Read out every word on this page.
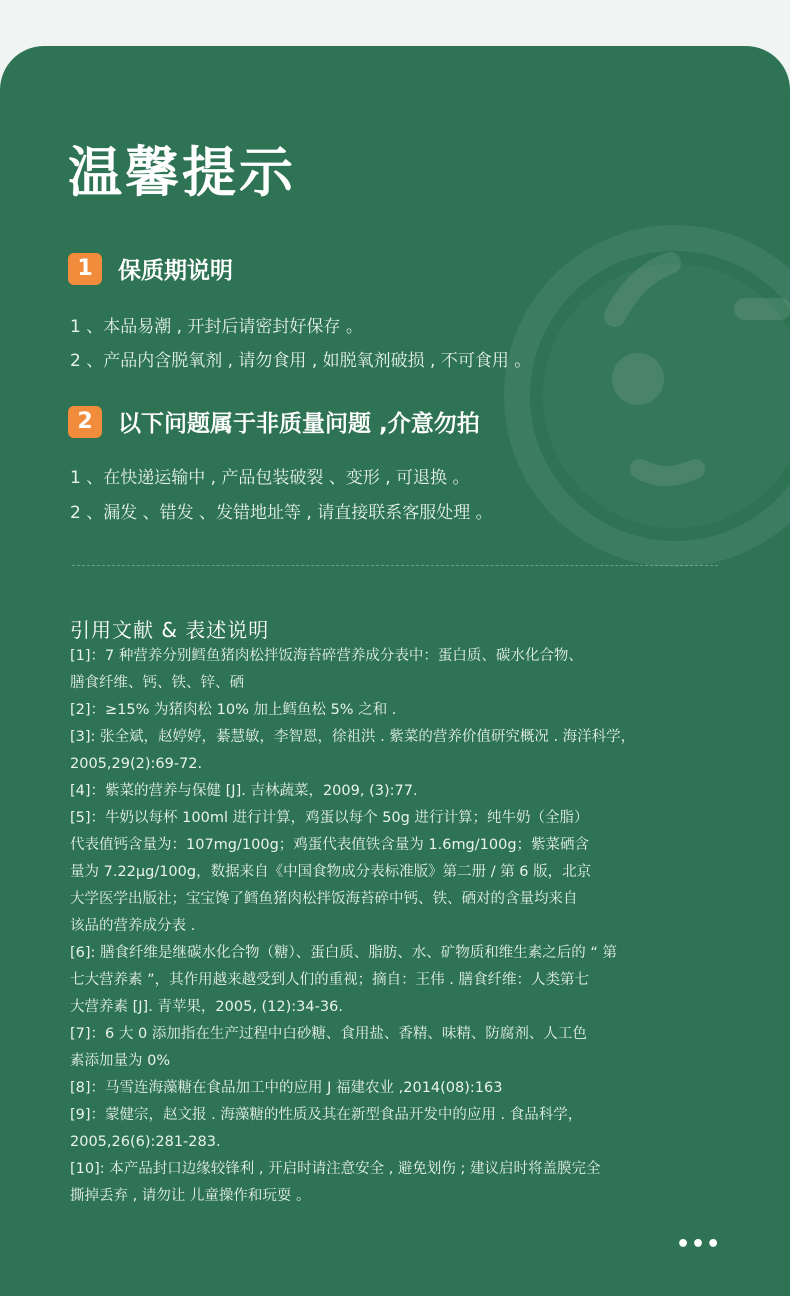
温馨提示
1	保质期说明
1 、本品易潮 , 开封后请密封好保存 。
2 、产品内含脱氧剂 , 请勿食用 , 如脱氧剂破损 , 不可食用 。
2	以下问题属于非质量问题 ,介意勿拍
1 、在快递运输中 , 产品包装破裂 、变形 , 可退换 。
2 、漏发 、错发 、发错地址等 , 请直接联系客服处理 。
引用文献 & 表述说明

[1]：7 种营养分别鳕鱼猪肉松拌饭海苔碎营养成分表中：蛋白质、碳水化合物、

膳食纤维、钙、铁、锌、硒

[2]：≥15% 为猪肉松 10% 加上鳕鱼松 5% 之和 .

[3]: 张全斌，赵婷婷，綦慧敏，李智恩，徐祖洪 . 紫菜的营养价值研究概况 . 海洋科学，

2005,29(2):69-72.

[4]：紫菜的营养与保健 [J]. 吉林蔬菜，2009, (3):77.

[5]：牛奶以每杯 100ml 进行计算，鸡蛋以每个 50g 进行计算；纯牛奶（全脂）

代表值钙含量为：107mg/100g；鸡蛋代表值铁含量为 1.6mg/100g；紫菜硒含

量为 7.22μg/100g，数据来自《中国食物成分表标准版》第二册 / 第 6 版，北京

大学医学出版社；宝宝馋了鳕鱼猪肉松拌饭海苔碎中钙、铁、硒对的含量均来自

该品的营养成分表 .

[6]: 膳食纤维是继碳水化合物（糖）、蛋白质、脂肪、水、矿物质和维生素之后的 “ 第

七大营养素 ”，其作用越来越受到人们的重视；摘自：王伟 . 膳食纤维：人类第七

大营养素 [J]. 青苹果，2005, (12):34-36.

[7]：6 大 0 添加指在生产过程中白砂糖、食用盐、香精、味精、防腐剂、人工色

素添加量为 0%

[8]：马雪连海藻糖在食品加工中的应用 J 福建农业 ,2014(08):163

[9]：蒙健宗，赵文报 . 海藻糖的性质及其在新型食品开发中的应用 . 食品科学，

2005,26(6):281-283.

[10]: 本产品封口边缘较锋利 , 开启时请注意安全 , 避免划伤 ; 建议启时将盖膜完全

撕掉丢弃 , 请勿让 儿童操作和玩耍 。

•••
